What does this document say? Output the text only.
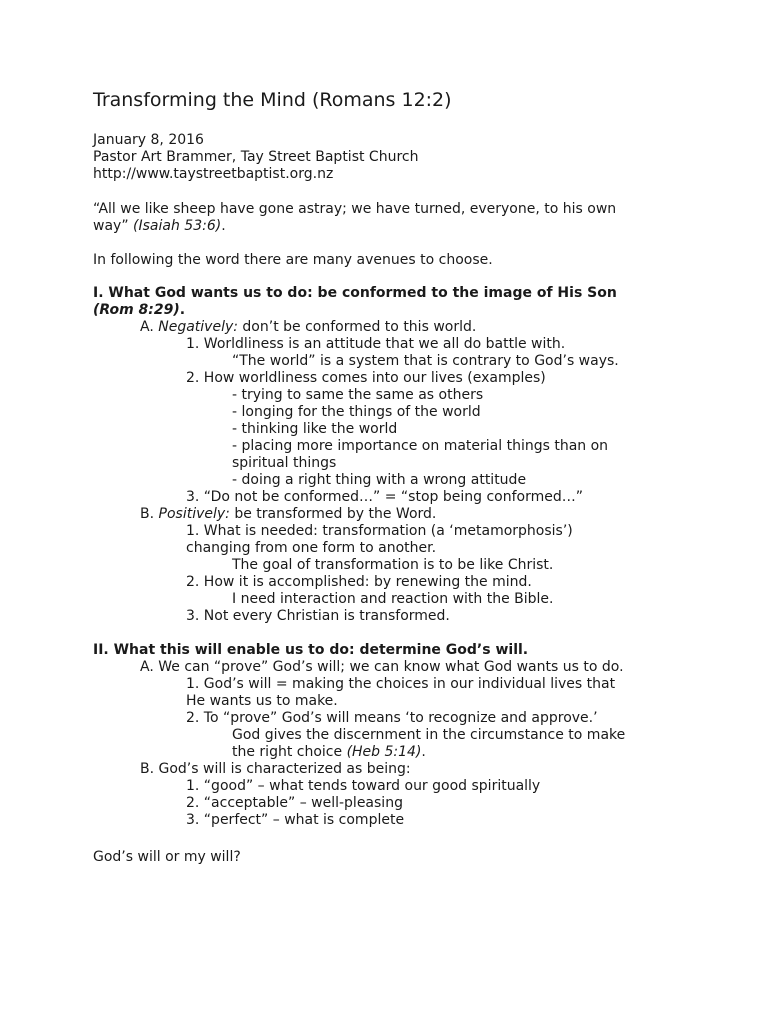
Transforming the Mind (Romans 12:2)
January 8, 2016
Pastor Art Brammer, Tay Street Baptist Church
http://www.taystreetbaptist.org.nz
“All we like sheep have gone astray; we have turned, everyone, to his own
way” (Isaiah 53:6).
In following the word there are many avenues to choose.
I. What God wants us to do: be conformed to the image of His Son
(Rom 8:29).
A. Negatively: don’t be conformed to this world.
1. Worldliness is an attitude that we all do battle with.
“The world” is a system that is contrary to God’s ways.
2. How worldliness comes into our lives (examples)
- trying to same the same as others
- longing for the things of the world
- thinking like the world
- placing more importance on material things than on
spiritual things
- doing a right thing with a wrong attitude
3. “Do not be conformed…” = “stop being conformed…”
B. Positively: be transformed by the Word.
1. What is needed: transformation (a ‘metamorphosis’)
changing from one form to another.
The goal of transformation is to be like Christ.
2. How it is accomplished: by renewing the mind.
I need interaction and reaction with the Bible.
3. Not every Christian is transformed.
II. What this will enable us to do: determine God’s will.
A. We can “prove” God’s will; we can know what God wants us to do.
1. God’s will = making the choices in our individual lives that
He wants us to make.
2. To “prove” God’s will means ‘to recognize and approve.’
God gives the discernment in the circumstance to make
the right choice (Heb 5:14).
B. God’s will is characterized as being:
1. “good” – what tends toward our good spiritually
2. “acceptable” – well-pleasing
3. “perfect” – what is complete
God’s will or my will?
